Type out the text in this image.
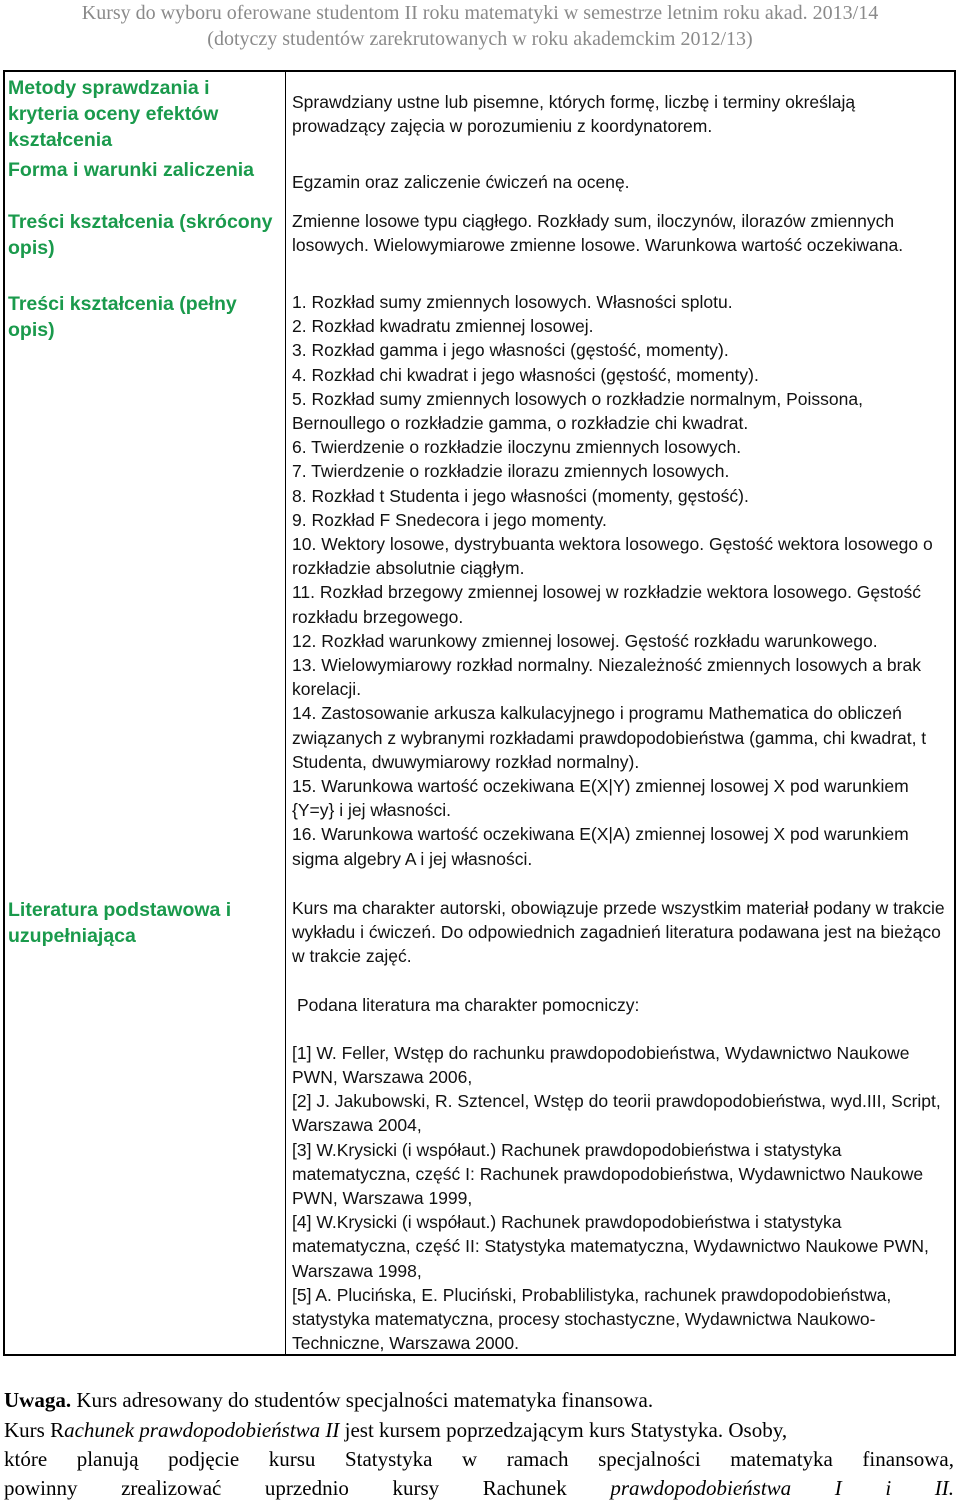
Kursy do wyboru oferowane studentom II roku matematyki w semestrze letnim roku akad. 2013/14
(dotyczy studentów zarekrutowanych w roku akademckim 2012/13)
Metody sprawdzania i kryteria oceny efektów kształcenia
Sprawdziany ustne lub pisemne, których formę, liczbę i terminy określają prowadzący zajęcia w porozumieniu z koordynatorem.
Forma i warunki zaliczenia
Egzamin oraz zaliczenie ćwiczeń na ocenę.
Treści kształcenia (skrócony opis)
Zmienne losowe typu ciągłego. Rozkłady sum, iloczynów, ilorazów zmiennych losowych. Wielowymiarowe zmienne losowe. Warunkowa wartość oczekiwana.
Treści kształcenia (pełny opis)

1. Rozkład sumy zmiennych losowych. Własności splotu.

2. Rozkład kwadratu zmiennej losowej.

3. Rozkład gamma i jego własności (gęstość, momenty).

4. Rozkład chi kwadrat i jego własności (gęstość, momenty).

5. Rozkład sumy zmiennych losowych o rozkładzie normalnym, Poissona, Bernoullego o rozkładzie gamma, o rozkładzie chi kwadrat.

6. Twierdzenie o rozkładzie iloczynu zmiennych losowych.

7. Twierdzenie o rozkładzie ilorazu zmiennych losowych.

8. Rozkład t Studenta i jego własności (momenty, gęstość).

9. Rozkład F Snedecora i jego momenty.

10. Wektory losowe, dystrybuanta wektora losowego. Gęstość wektora losowego o rozkładzie absolutnie ciągłym.

11. Rozkład brzegowy zmiennej losowej w rozkładzie wektora losowego. Gęstość rozkładu brzegowego.

12. Rozkład warunkowy zmiennej losowej. Gęstość rozkładu warunkowego.

13. Wielowymiarowy rozkład normalny. Niezależność zmiennych losowych a brak korelacji.

14. Zastosowanie arkusza kalkulacyjnego i programu Mathematica do obliczeń związanych z wybranymi rozkładami prawdopodobieństwa (gamma, chi kwadrat, t Studenta, dwuwymiarowy rozkład normalny).

15. Warunkowa wartość oczekiwana E(X|Y) zmiennej losowej X pod warunkiem {Y=y} i jej własności.

16. Warunkowa wartość oczekiwana E(X|A) zmiennej losowej X pod warunkiem sigma algebry A i jej własności.

Literatura podstawowa i uzupełniająca

Kurs ma charakter autorski, obowiązuje przede wszystkim materiał podany w trakcie wykładu i ćwiczeń. Do odpowiednich zagadnień literatura podawana jest na bieżąco w trakcie zajęć.

Podana literatura ma charakter pomocniczy:

[1] W. Feller, Wstęp do rachunku prawdopodobieństwa, Wydawnictwo Naukowe PWN, Warszawa 2006,

[2] J. Jakubowski, R. Sztencel, Wstęp do teorii prawdopodobieństwa, wyd.III, Script, Warszawa 2004,

[3] W.Krysicki (i współaut.) Rachunek prawdopodobieństwa i statystyka matematyczna, część I: Rachunek prawdopodobieństwa, Wydawnictwo Naukowe PWN, Warszawa 1999,

[4] W.Krysicki (i współaut.) Rachunek prawdopodobieństwa i statystyka matematyczna, część II: Statystyka matematyczna, Wydawnictwo Naukowe PWN, Warszawa 1998,

[5] A. Plucińska, E. Pluciński, Probablilistyka, rachunek prawdopodobieństwa, statystyka matematyczna, procesy stochastyczne, Wydawnictwa Naukowo-Techniczne, Warszawa 2000.

Uwaga. Kurs adresowany do studentów specjalności matematyka finansowa.
Kurs Rachunek prawdopodobieństwa II jest kursem poprzedzającym kurs Statystyka. Osoby,
które planują podjęcie kursu Statystyka w ramach specjalności matematyka finansowa,
powinny zrealizować uprzednio kursy Rachunek prawdopodobieństwa I i II.
